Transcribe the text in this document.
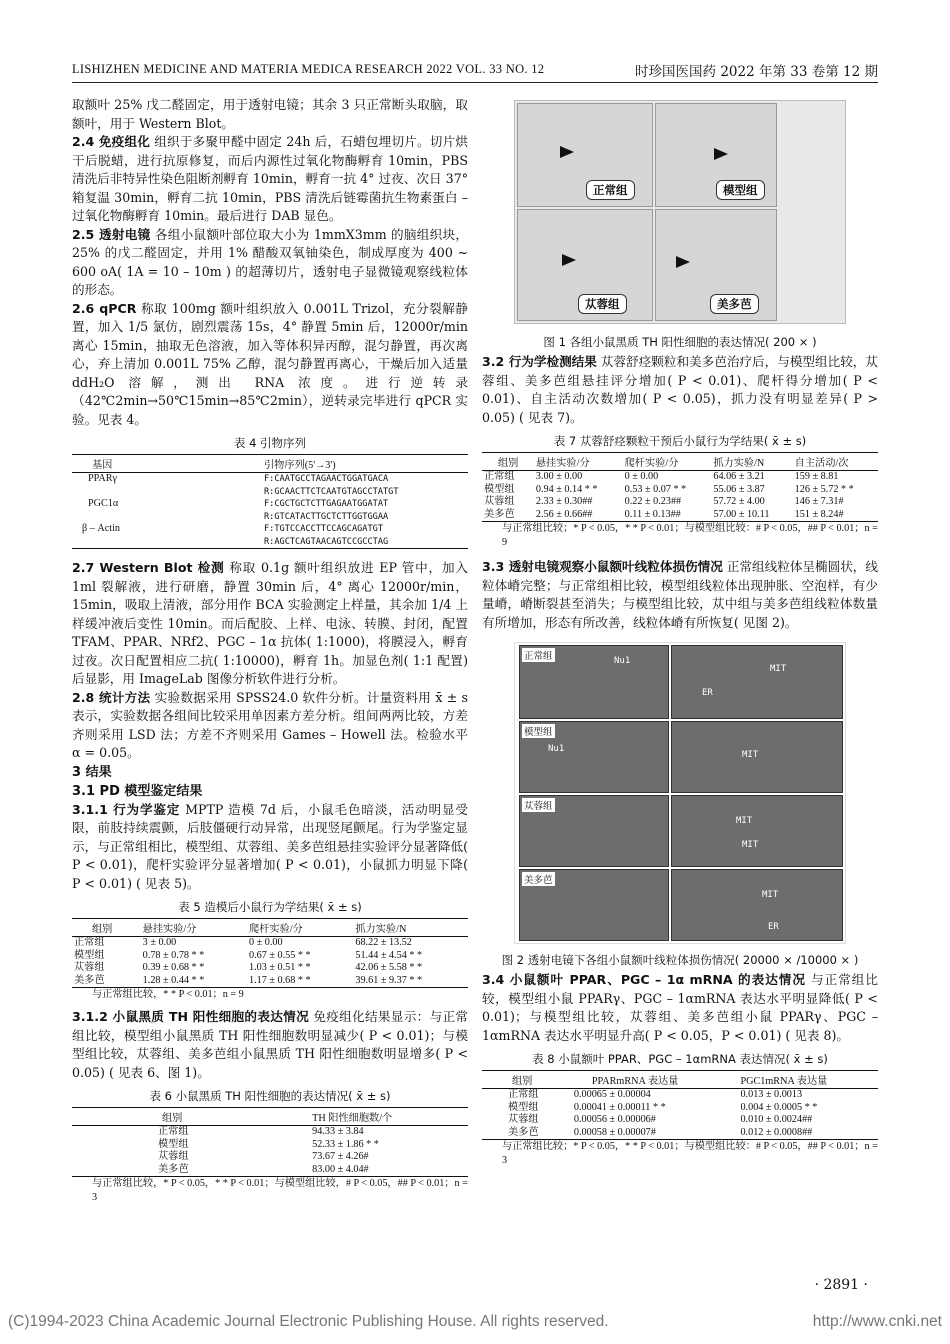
LISHIZHEN MEDICINE AND MATERIA MEDICA RESEARCH 2022 VOL. 33 NO. 12	时珍国医国药 2022 年第 33 卷第 12 期

取额叶 25% 戊二醛固定，用于透射电镜；其余 3 只正常断头取脑，取额叶，用于 Western Blot。

2.4 免疫组化 组织于多聚甲醛中固定 24h 后，石蜡包埋切片。切片烘干后脱蜡，进行抗原修复，而后内源性过氧化物酶孵育 10min，PBS 清洗后非特异性染色阻断剂孵育 10min，孵育一抗 4° 过夜、次日 37°箱复温 30min，孵育二抗 10min，PBS 清洗后链霉菌抗生物素蛋白 – 过氧化物酶孵育 10min。最后进行 DAB 显色。

2.5 透射电镜 各组小鼠额叶部位取大小为 1mmX3mm 的脑组织块，25% 的戊二醛固定，并用 1% 醋酸双氧铀染色，制成厚度为 400 ~ 600 oA( 1A = 10 – 10m ) 的超薄切片，透射电子显微镜观察线粒体的形态。

2.6 qPCR 称取 100mg 额叶组织放入 0.001L Trizol，充分裂解静置，加入 1/5 氯仿，剧烈震荡 15s，4° 静置 5min 后，12000r/min 离心 15min，抽取无色溶液，加入等体积异丙醇，混匀静置，再次离心，弃上清加 0.001L 75% 乙醇，混匀静置再离心，干燥后加入适量 ddH₂O 溶解，测出 RNA 浓度。进行逆转录（42℃2min→50℃15min→85℃2min），逆转录完毕进行 qPCR 实验。见表 4。

表 4 引物序列
基因	引物序列(5'→3')
PPARγ	F:CAATGCCTAGAACTGGATGACA
	R:GCAACTTCTCAATGTAGCCTATGT
PGC1α	F:CGCTGCTCTTGAGAATGGATAT
	R:GTCATACTTGCTCTTGGTGGAA
β – Actin	F:TGTCCACCTTCCAGCAGATGT
	R:AGCTCAGTAACAGTCCGCCTAG

2.7 Western Blot 检测 称取 0.1g 额叶组织放进 EP 管中，加入 1ml 裂解液，进行研磨，静置 30min 后，4° 离心 12000r/min，15min，吸取上清液，部分用作 BCA 实验测定上样量，其余加 1/4 上样缓冲液后变性 10min。而后配胶、上样、电泳、转膜、封闭，配置 TFAM、PPAR、NRf2、PGC – 1α 抗体( 1:1000)，将膜浸入，孵育过夜。次日配置相应二抗( 1:10000)，孵育 1h。加显色剂( 1:1 配置) 后显影，用 ImageLab 图像分析软件进行分析。

2.8 统计方法 实验数据采用 SPSS24.0 软件分析。计量资料用 x̄ ± s 表示，实验数据各组间比较采用单因素方差分析。组间两两比较，方差齐则采用 LSD 法；方差不齐则采用 Games – Howell 法。检验水平 α = 0.05。

3 结果
3.1 PD 模型鉴定结果

3.1.1 行为学鉴定 MPTP 造模 7d 后，小鼠毛色暗淡，活动明显受限，前肢持续震颤，后肢僵硬行动异常，出现竖尾颤尾。行为学鉴定显示，与正常组相比，模型组、苁蓉组、美多芭组悬挂实验评分显著降低( P < 0.01)，爬杆实验评分显著增加( P < 0.01)，小鼠抓力明显下降( P < 0.01) ( 见表 5)。

表 5 造模后小鼠行为学结果( x̄ ± s)
组别	悬挂实验/分	爬杆实验/分	抓力实验/N
正常组	3 ± 0.00	0 ± 0.00	68.22 ± 13.52
模型组	0.78 ± 0.78 * *	0.67 ± 0.55 * *	51.44 ± 4.54 * *
苁蓉组	0.39 ± 0.68 * *	1.03 ± 0.51 * *	42.06 ± 5.58 * *
美多芭	1.28 ± 0.44 * *	1.17 ± 0.68 * *	39.61 ± 9.37 * *
与正常组比较，* * P < 0.01；n = 9

3.1.2 小鼠黑质 TH 阳性细胞的表达情况 免疫组化结果显示：与正常组比较，模型组小鼠黑质 TH 阳性细胞数明显减少( P < 0.01)；与模型组比较，苁蓉组、美多芭组小鼠黑质 TH 阳性细胞数明显增多( P < 0.05) ( 见表 6、图 1)。

表 6 小鼠黑质 TH 阳性细胞的表达情况( x̄ ± s)
组别	TH 阳性细胞数/个
正常组	94.33 ± 3.84
模型组	52.33 ± 1.86 * *
苁蓉组	73.67 ± 4.26#
美多芭	83.00 ± 4.04#
与正常组比较，* P < 0.05，* * P < 0.01；与模型组比较，# P < 0.05，## P < 0.01；n = 3
正常组	模型组
苁蓉组	美多芭
图 1 各组小鼠黑质 TH 阳性细胞的表达情况( 200 × )

3.2 行为学检测结果 苁蓉舒痉颗粒和美多芭治疗后，与模型组比较，苁蓉组、美多芭组悬挂评分增加( P < 0.01)、爬杆得分增加( P < 0.01)、自主活动次数增加( P < 0.05)，抓力没有明显差异( P > 0.05) ( 见表 7)。

表 7 苁蓉舒痉颗粒干预后小鼠行为学结果( x̄ ± s)
组别	悬挂实验/分	爬杆实验/分	抓力实验/N	自主活动/次
正常组	3.00 ± 0.00	0 ± 0.00	64.06 ± 3.21	159 ± 8.81
模型组	0.94 ± 0.14 * *	0.53 ± 0.07 * *	55.06 ± 3.87	126 ± 5.72 * *
苁蓉组	2.33 ± 0.30##	0.22 ± 0.23##	57.72 ± 4.00	146 ± 7.31#
美多芭	2.56 ± 0.66##	0.11 ± 0.13##	57.00 ± 10.11	151 ± 8.24#
与正常组比较；* P < 0.05，* * P < 0.01；与模型组比较：# P < 0.05，## P < 0.01；n = 9

3.3 透射电镜观察小鼠额叶线粒体损伤情况 正常组线粒体呈椭圆状，线粒体嵴完整；与正常组相比较，模型组线粒体出现肿胀、空泡样，有少量嵴，嵴断裂甚至消失；与模型组比较，苁中组与美多芭组线粒体数量有所增加，形态有所改善，线粒体嵴有所恢复( 见图 2)。

正常组	Nu1
MIT
ER
模型组
Nu1
MIT
苁蓉组
MIT
MIT
美多芭
MIT
ER
图 2 透射电镜下各组小鼠额叶线粒体损伤情况( 20000 × /10000 × )

3.4 小鼠额叶 PPAR、PGC – 1α mRNA 的表达情况 与正常组比较，模型组小鼠 PPARγ、PGC – 1αmRNA 表达水平明显降低( P < 0.01)；与模型组比较，苁蓉组、美多芭组小鼠 PPARγ、PGC – 1αmRNA 表达水平明显升高( P < 0.05，P < 0.01) ( 见表 8)。

表 8 小鼠额叶 PPAR、PGC – 1αmRNA 表达情况( x̄ ± s)
组别	PPARmRNA 表达量	PGC1mRNA 表达量
正常组	0.00065 ± 0.00004	0.013 ± 0.0013
模型组	0.00041 ± 0.00011 * *	0.004 ± 0.0005 * *
苁蓉组	0.00056 ± 0.00006#	0.010 ± 0.0024##
美多芭	0.00058 ± 0.00007#	0.012 ± 0.0008##
与正常组比较；* P < 0.05，* * P < 0.01；与模型组比较：# P < 0.05，## P < 0.01；n = 3
· 2891 ·
(C)1994-2023 China Academic Journal Electronic Publishing House. All rights reserved.	http://www.cnki.net
